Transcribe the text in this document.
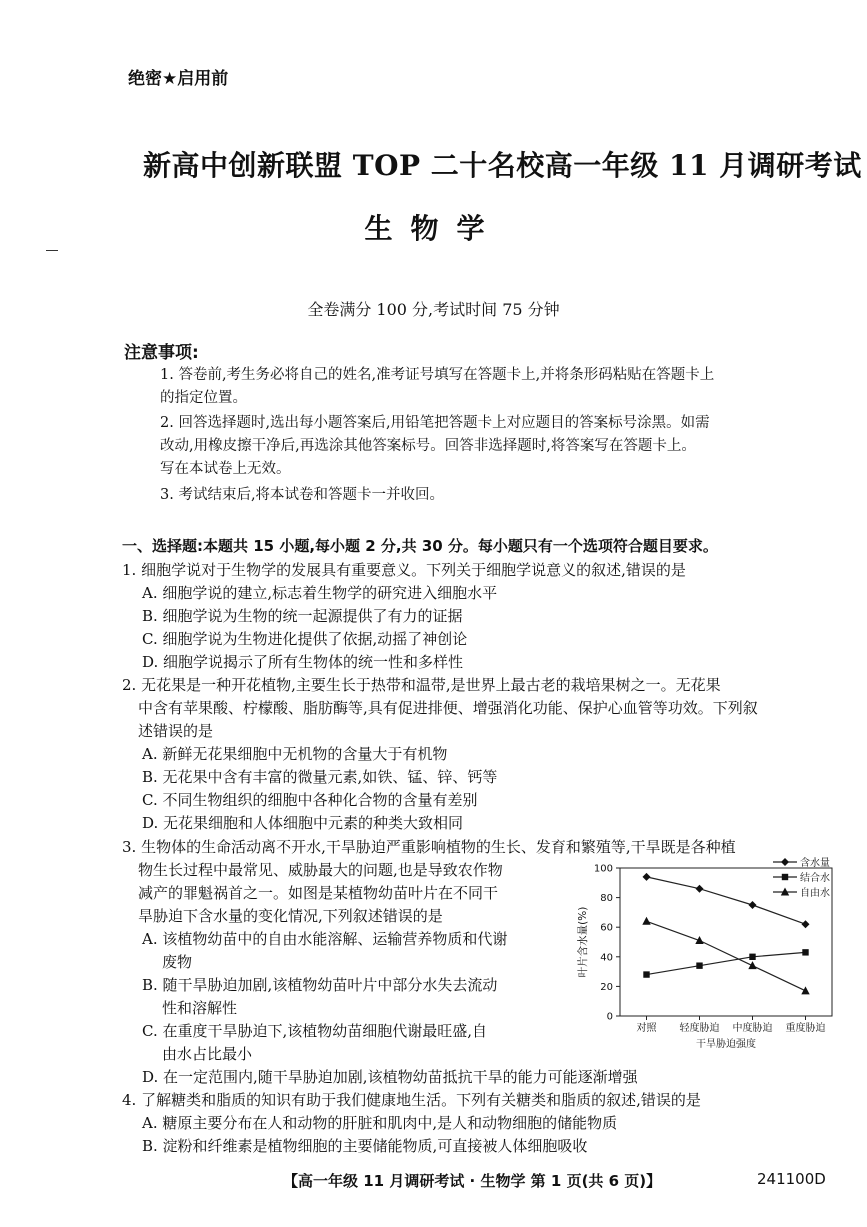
绝密★启用前
新高中创新联盟 TOP 二十名校高一年级 11 月调研考试
生物学
全卷满分 100 分,考试时间 75 分钟
注意事项:
1. 答卷前,考生务必将自己的姓名,准考证号填写在答题卡上,并将条形码粘贴在答题卡上
的指定位置。
2. 回答选择题时,选出每小题答案后,用铅笔把答题卡上对应题目的答案标号涂黑。如需
改动,用橡皮擦干净后,再选涂其他答案标号。回答非选择题时,将答案写在答题卡上。
写在本试卷上无效。
3. 考试结束后,将本试卷和答题卡一并收回。
一、选择题:本题共 15 小题,每小题 2 分,共 30 分。每小题只有一个选项符合题目要求。
1. 细胞学说对于生物学的发展具有重要意义。下列关于细胞学说意义的叙述,错误的是
A. 细胞学说的建立,标志着生物学的研究进入细胞水平
B. 细胞学说为生物的统一起源提供了有力的证据
C. 细胞学说为生物进化提供了依据,动摇了神创论
D. 细胞学说揭示了所有生物体的统一性和多样性
2. 无花果是一种开花植物,主要生长于热带和温带,是世界上最古老的栽培果树之一。无花果
中含有苹果酸、柠檬酸、脂肪酶等,具有促进排便、增强消化功能、保护心血管等功效。下列叙
述错误的是
A. 新鲜无花果细胞中无机物的含量大于有机物
B. 无花果中含有丰富的微量元素,如铁、锰、锌、钙等
C. 不同生物组织的细胞中各种化合物的含量有差别
D. 无花果细胞和人体细胞中元素的种类大致相同
3. 生物体的生命活动离不开水,干旱胁迫严重影响植物的生长、发育和繁殖等,干旱既是各种植
物生长过程中最常见、威胁最大的问题,也是导致农作物
减产的罪魁祸首之一。如图是某植物幼苗叶片在不同干
旱胁迫下含水量的变化情况,下列叙述错误的是
A. 该植物幼苗中的自由水能溶解、运输营养物质和代谢
废物
B. 随干旱胁迫加剧,该植物幼苗叶片中部分水失去流动
性和溶解性
C. 在重度干旱胁迫下,该植物幼苗细胞代谢最旺盛,自
由水占比最小
D. 在一定范围内,随干旱胁迫加剧,该植物幼苗抵抗干旱的能力可能逐渐增强
4. 了解糖类和脂质的知识有助于我们健康地生活。下列有关糖类和脂质的叙述,错误的是
A. 糖原主要分布在人和动物的肝脏和肌肉中,是人和动物细胞的储能物质
B. 淀粉和纤维素是植物细胞的主要储能物质,可直接被人体细胞吸收
0
20
40
60
80
100
对照 轻度胁迫 中度胁迫 重度胁迫
干旱胁迫强度
叶片含水量(%)
含水量
结合水
自由水
【高一年级 11 月调研考试 · 生物学 第 1 页(共 6 页)】	241100D
